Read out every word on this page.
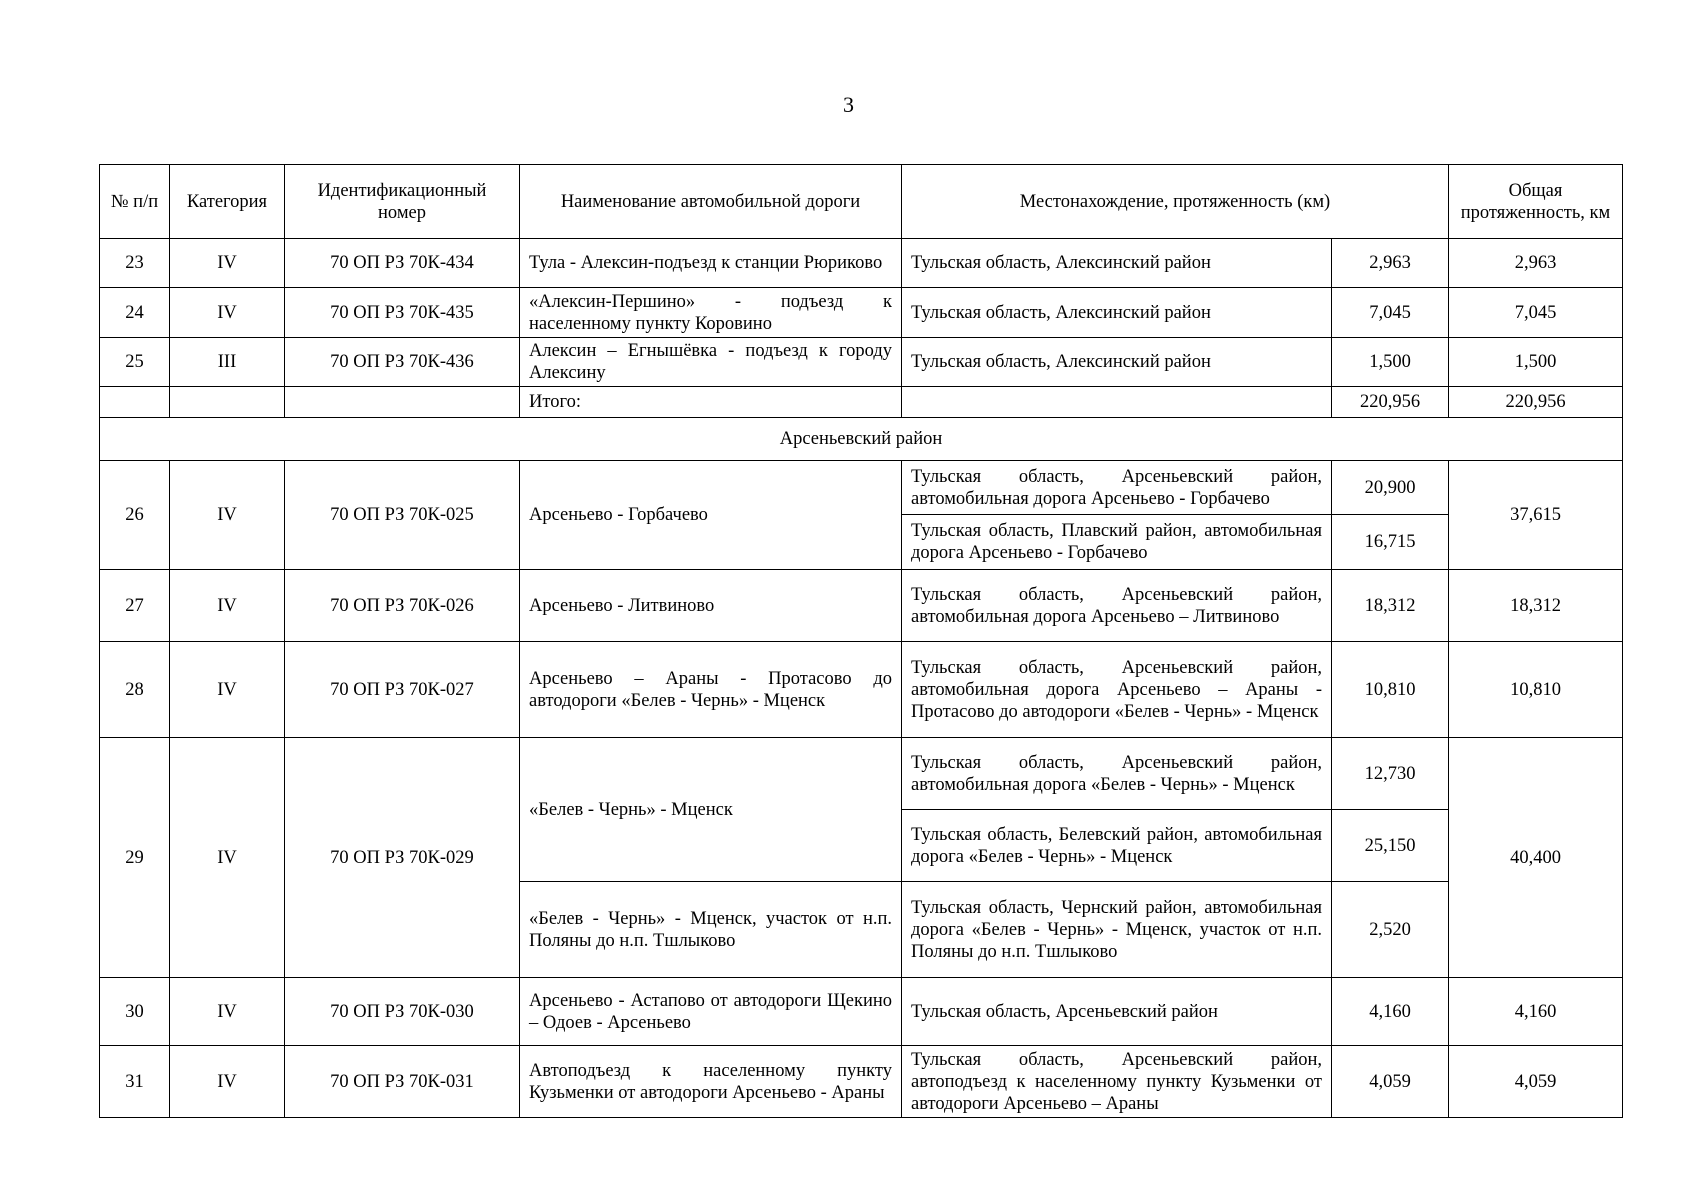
3
№ п/п	Категория	Идентификационный номер	Наименование автомобильной дороги	Местонахождение, протяженность (км)		Общая протяженность, км
23	IV	70 ОП РЗ 70К-434	Тула - Алексин-подъезд к станции Рюриково	Тульская область, Алексинский район	2,963	2,963
24	IV	70 ОП РЗ 70К-435	«Алексин-Першино» - подъезд к населенному пункту Коровино	Тульская область, Алексинский район	7,045	7,045
25	III	70 ОП РЗ 70К-436	Алексин – Егнышёвка - подъезд к городу Алексину	Тульская область, Алексинский район	1,500	1,500
			Итого:		220,956	220,956
Арсеньевский район						
26	IV	70 ОП РЗ 70К-025	Арсеньево - Горбачево	Тульская область, Арсеньевский район, автомобильная дорога Арсеньево - Горбачево	20,900	37,615
				Тульская область, Плавский район, автомобильная дорога Арсеньево - Горбачево	16,715	
27	IV	70 ОП РЗ 70К-026	Арсеньево - Литвиново	Тульская область, Арсеньевский район, автомобильная дорога Арсеньево – Литвиново	18,312	18,312
28	IV	70 ОП РЗ 70К-027	Арсеньево – Араны - Протасово до автодороги «Белев - Чернь» - Мценск	Тульская область, Арсеньевский район, автомобильная дорога Арсеньево – Араны - Протасово до автодороги «Белев - Чернь» - Мценск	10,810	10,810
29	IV	70 ОП РЗ 70К-029	«Белев - Чернь» - Мценск	Тульская область, Арсеньевский район, автомобильная дорога «Белев - Чернь» - Мценск	12,730	40,400
				Тульская область, Белевский район, автомобильная дорога «Белев - Чернь» - Мценск	25,150	
			«Белев - Чернь» - Мценск, участок от н.п. Поляны до н.п. Тшлыково	Тульская область, Чернский район, автомобильная дорога «Белев - Чернь» - Мценск, участок от н.п. Поляны до н.п. Тшлыково	2,520	
30	IV	70 ОП РЗ 70К-030	Арсеньево - Астапово от автодороги Щекино – Одоев - Арсеньево	Тульская область, Арсеньевский район	4,160	4,160
31	IV	70 ОП РЗ 70К-031	Автоподъезд к населенному пункту Кузьменки от автодороги Арсеньево - Араны	Тульская область, Арсеньевский район, автоподъезд к населенному пункту Кузьменки от автодороги Арсеньево – Араны	4,059	4,059
